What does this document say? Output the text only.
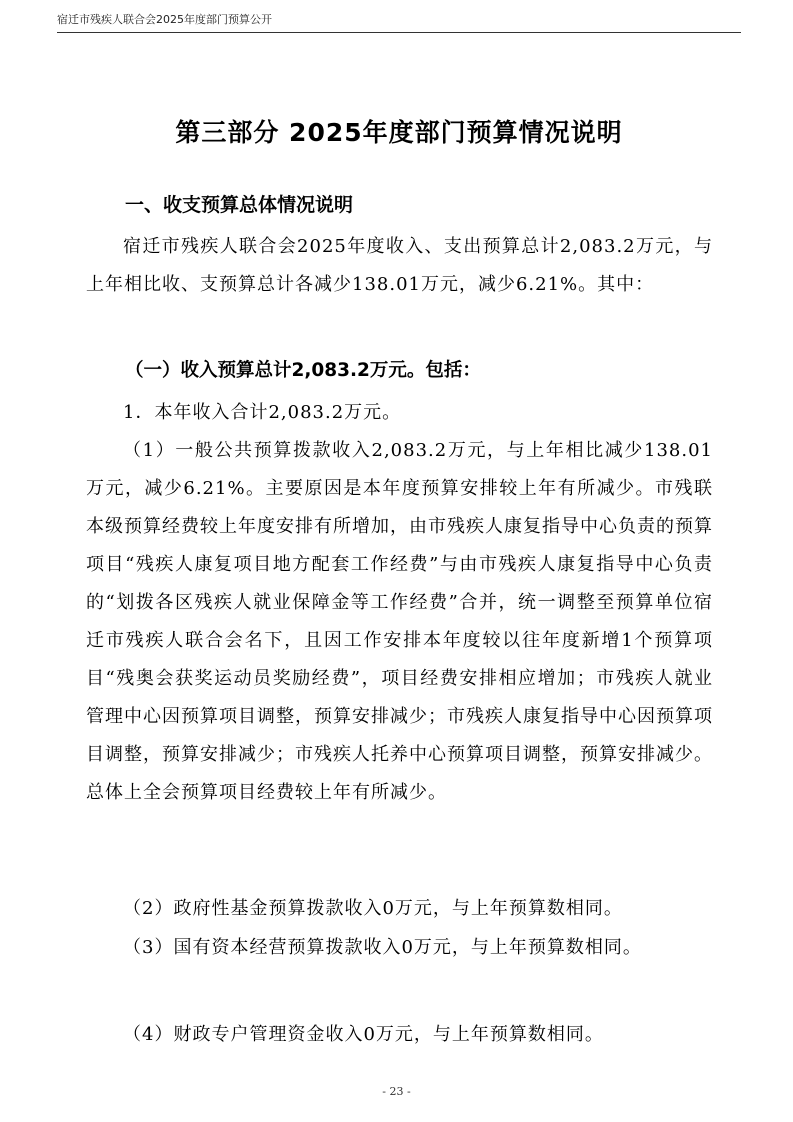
宿迁市残疾人联合会2025年度部门预算公开
第三部分 2025年度部门预算情况说明
一、收支预算总体情况说明
宿迁市残疾人联合会2025年度收入、支出预算总计2,083.2万元，与上年相比收、支预算总计各减少138.01万元，减少6.21%。其中：
（一）收入预算总计2,083.2万元。包括：
1．本年收入合计2,083.2万元。
（1）一般公共预算拨款收入2,083.2万元，与上年相比减少138.01万元，减少6.21%。主要原因是本年度预算安排较上年有所减少。市残联本级预算经费较上年度安排有所增加，由市残疾人康复指导中心负责的预算项目“残疾人康复项目地方配套工作经费”与由市残疾人康复指导中心负责的“划拨各区残疾人就业保障金等工作经费”合并，统一调整至预算单位宿迁市残疾人联合会名下，且因工作安排本年度较以往年度新增1个预算项目“残奥会获奖运动员奖励经费”，项目经费安排相应增加；市残疾人就业管理中心因预算项目调整，预算安排减少；市残疾人康复指导中心因预算项目调整，预算安排减少；市残疾人托养中心预算项目调整，预算安排减少。总体上全会预算项目经费较上年有所减少。
（2）政府性基金预算拨款收入0万元，与上年预算数相同。
（3）国有资本经营预算拨款收入0万元，与上年预算数相同。
（4）财政专户管理资金收入0万元，与上年预算数相同。
- 23 -
